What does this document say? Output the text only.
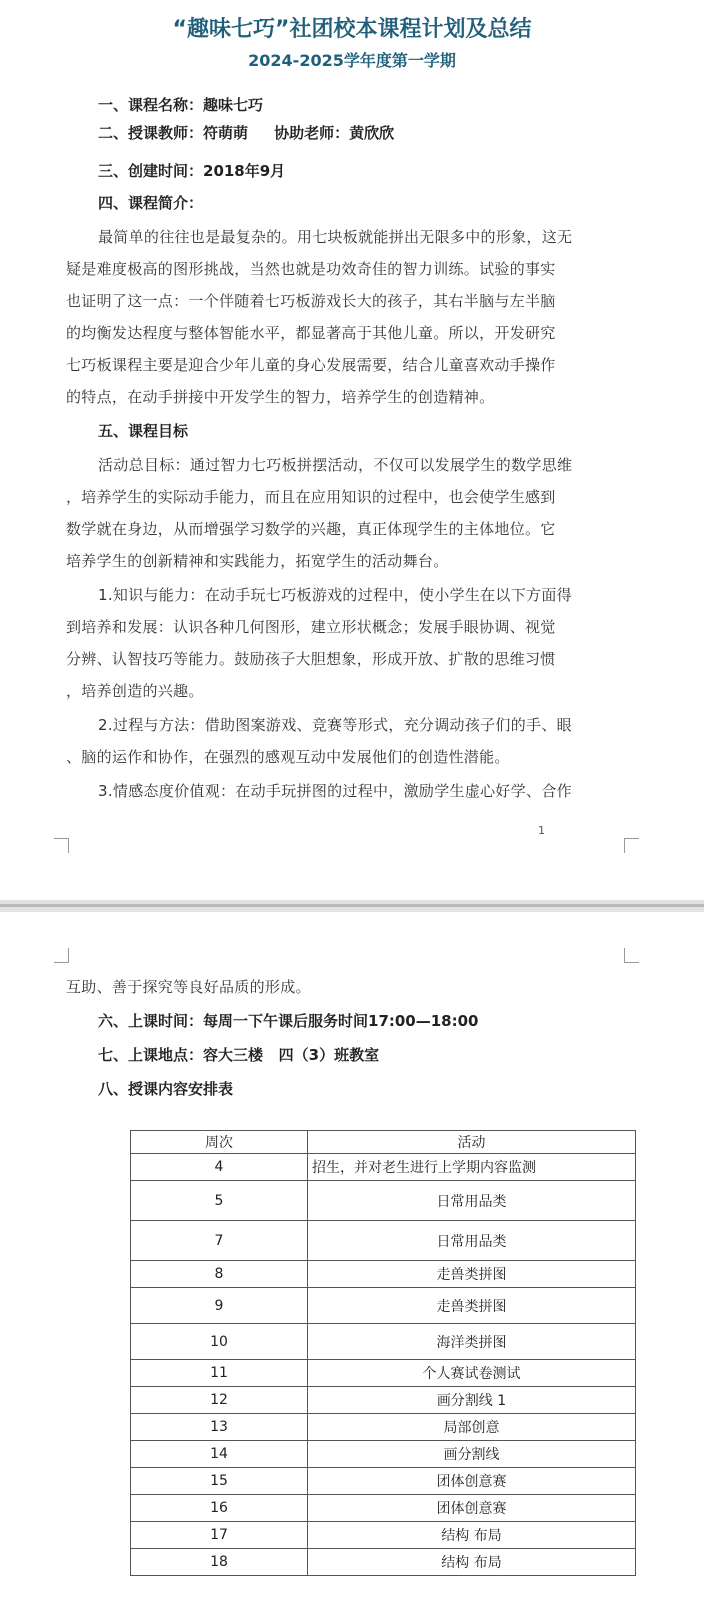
“趣味七巧”社团校本课程计划及总结
2024-2025学年度第一学期
一、课程名称：趣味七巧
二、授课教师：符萌萌     协助老师：黄欣欣
三、创建时间：2018年9月
四、课程简介：
最简单的往往也是最复杂的。用七块板就能拼出无限多中的形象，这无
疑是难度极高的图形挑战，当然也就是功效奇佳的智力训练。试验的事实
也证明了这一点：一个伴随着七巧板游戏长大的孩子，其右半脑与左半脑
的均衡发达程度与整体智能水平，都显著高于其他儿童。所以，开发研究
七巧板课程主要是迎合少年儿童的身心发展需要，结合儿童喜欢动手操作
的特点，在动手拼接中开发学生的智力，培养学生的创造精神。
五、课程目标
活动总目标：通过智力七巧板拼摆活动，不仅可以发展学生的数学思维
，培养学生的实际动手能力，而且在应用知识的过程中，也会使学生感到
数学就在身边，从而增强学习数学的兴趣，真正体现学生的主体地位。它
培养学生的创新精神和实践能力，拓宽学生的活动舞台。
1.知识与能力：在动手玩七巧板游戏的过程中，使小学生在以下方面得
到培养和发展：认识各种几何图形，建立形状概念；发展手眼协调、视觉
分辨、认智技巧等能力。鼓励孩子大胆想象，形成开放、扩散的思维习惯
，培养创造的兴趣。
2.过程与方法：借助图案游戏、竞赛等形式，充分调动孩子们的手、眼
、脑的运作和协作，在强烈的感观互动中发展他们的创造性潜能。
3.情感态度价值观：在动手玩拼图的过程中，激励学生虚心好学、合作
1
互助、善于探究等良好品质的形成。
六、上课时间：每周一下午课后服务时间17:00—18:00
七、上课地点：容大三楼   四（3）班教室
八、授课内容安排表
周次	活动
4	招生，并对老生进行上学期内容监测
5	日常用品类
7	日常用品类
8	走兽类拼图
9	走兽类拼图
10	海洋类拼图
11	个人赛试卷测试
12	画分割线 1
13	局部创意
14	画分割线
15	团体创意赛
16	团体创意赛
17	结构 布局
18	结构 布局
